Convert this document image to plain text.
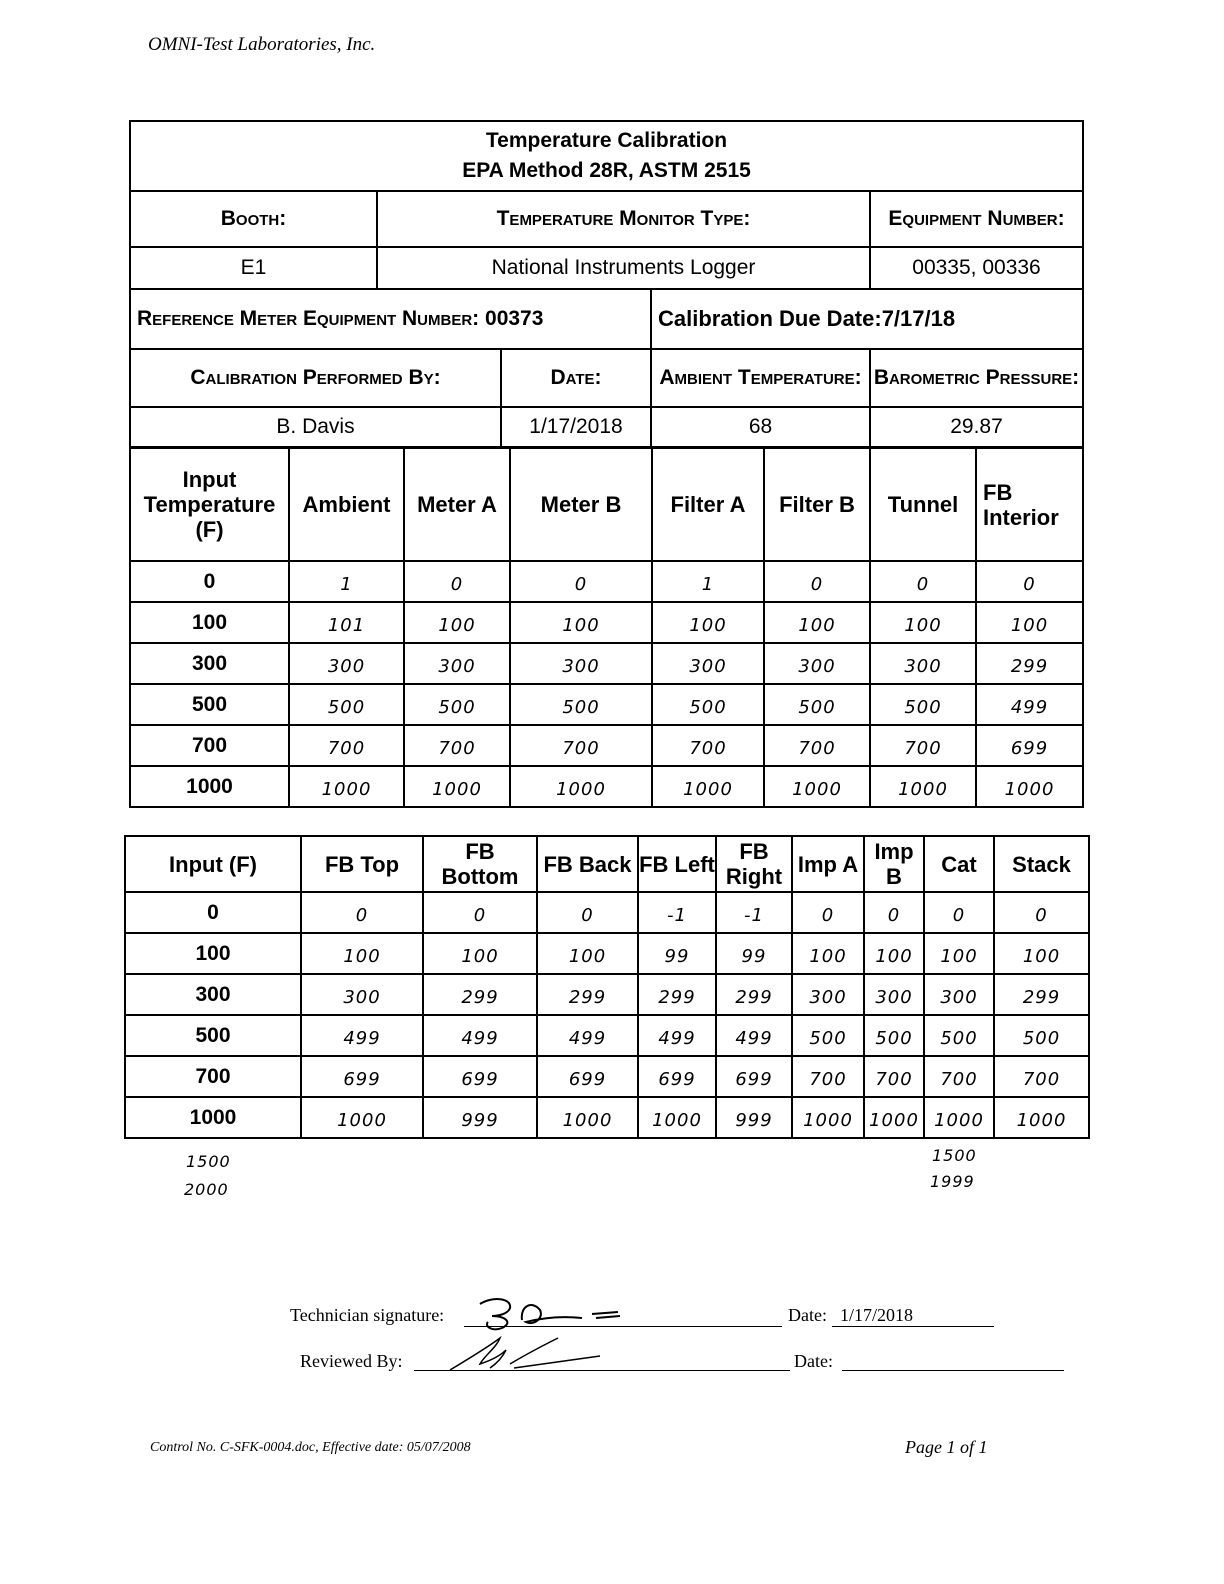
OMNI-Test Laboratories, Inc.
Temperature Calibration
EPA Method 28R, ASTM 2515				

Booth:	Temperature Monitor Type:			Equipment Number:
E1	National Instruments Logger			00335, 00336
Reference Meter Equipment Number: 00373			Calibration Due Date:7/17/18	
Calibration Performed By:		Date:	Ambient Temperature:	Barometric Pressure:
B. Davis		1/17/2018	68	29.87
Input Temperature (F)	Ambient	Meter A	Meter B	Filter A	Filter B	Tunnel	FB Interior
0	1	0	0	1	0	0	0
100	101	100	100	100	100	100	100
300	300	300	300	300	300	300	299
500	500	500	500	500	500	500	499
700	700	700	700	700	700	700	699
1000	1000	1000	1000	1000	1000	1000	1000
Input (F)	FB Top	FB Bottom	FB Back	FB Left	FB Right	Imp A	Imp B	Cat	Stack
0	0	0	0	-1	-1	0	0	0	0
100	100	100	100	99	99	100	100	100	100
300	300	299	299	299	299	300	300	300	299
500	499	499	499	499	499	500	500	500	500
700	699	699	699	699	699	700	700	700	700
1000	1000	999	1000	1000	999	1000	1000	1000	1000
1500
2000
1500
1999
Technician signature:	Date: 1/17/2018
Reviewed By:	Date:
Control No. C-SFK-0004.doc, Effective date: 05/07/2008	Page 1 of 1
